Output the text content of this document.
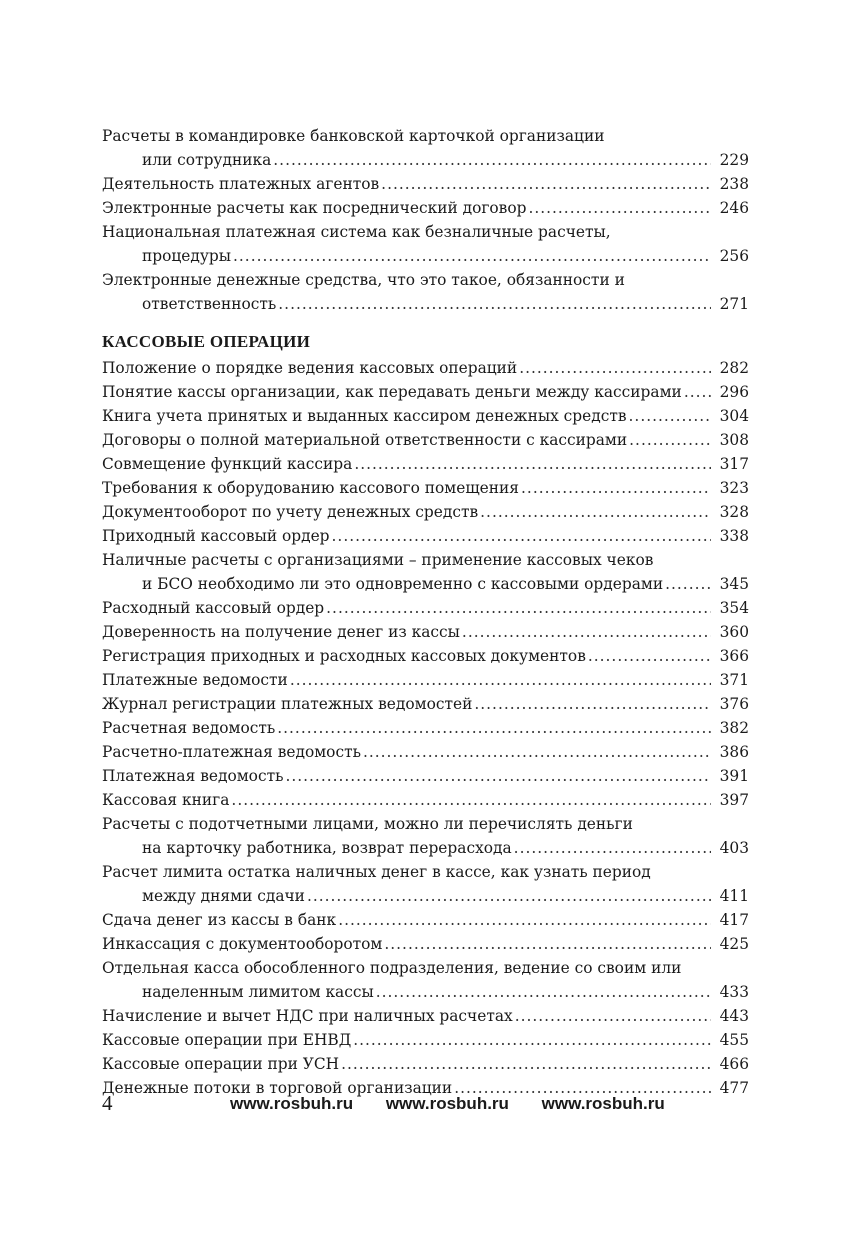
Расчеты в командировке банковской карточкой организации
или сотрудника .....	229
Деятельность платежных агентов .....	238
Электронные расчеты как посреднический договор .....	246
Национальная платежная система как безналичные расчеты,
процедуры .....	256
Электронные денежные средства, что это такое, обязанности и
ответственность .....	271
КАССОВЫЕ ОПЕРАЦИИ
Положение о порядке ведения кассовых операций .....	282
Понятие кассы организации, как передавать деньги между кассирами ..... 296
Книга учета принятых и выданных кассиром денежных средств .....	304
Договоры о полной материальной ответственности с кассирами .....	308
Совмещение функций кассира .....	317
Требования к оборудованию кассового помещения .....	323
Документооборот по учету денежных средств .....	328
Приходный кассовый ордер .....	338
Наличные расчеты с организациями – применение кассовых чеков
и БСО необходимо ли это одновременно с кассовыми ордерами .....	345
Расходный кассовый ордер .....	354
Доверенность на получение денег из кассы .....	360
Регистрация приходных и расходных кассовых документов .....	366
Платежные ведомости .....	371
Журнал регистрации платежных ведомостей .....	376
Расчетная ведомость .....	382
Расчетно-платежная ведомость .....	386
Платежная ведомость .....	391
Кассовая книга .....	397
Расчеты с подотчетными лицами, можно ли перечислять деньги
на карточку работника, возврат перерасхода .....	403
Расчет лимита остатка наличных денег в кассе, как узнать период
между днями сдачи .....	411
Сдача денег из кассы в банк .....	417
Инкассация с документооборотом .....	425
Отдельная касса обособленного подразделения, ведение со своим или
наделенным лимитом кассы .....	433
Начисление и вычет НДС при наличных расчетах .....	443
Кассовые операции при ЕНВД .....	455
Кассовые операции при УСН .....	466
Денежные потоки в торговой организации .....	477
4	www.rosbuh.ru www.rosbuh.ru www.rosbuh.ru
